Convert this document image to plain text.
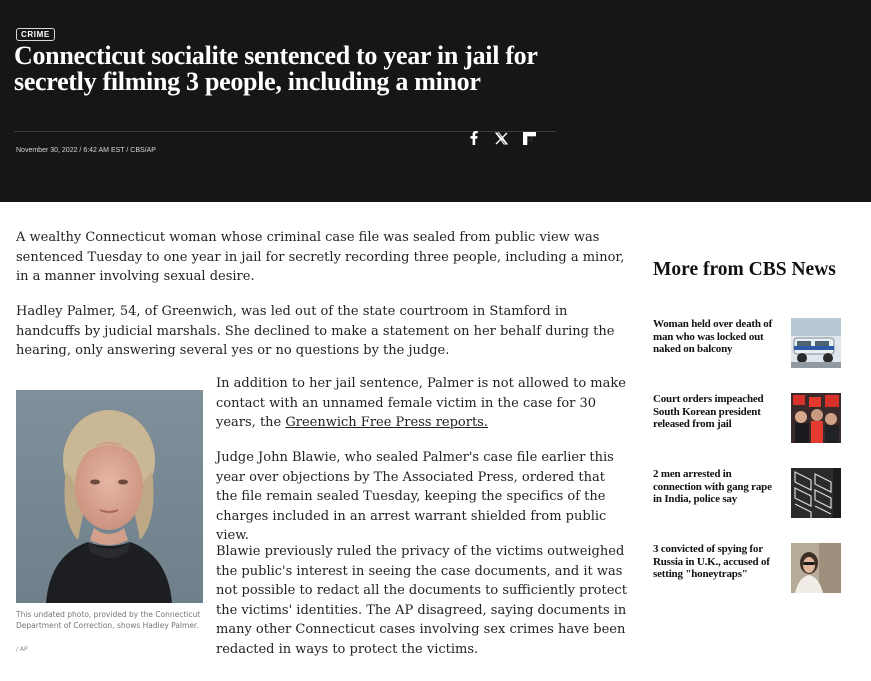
CRIME
Connecticut socialite sentenced to year in jail for secretly filming 3 people, including a minor
November 30, 2022 / 6:42 AM EST / CBS/AP

A wealthy Connecticut woman whose criminal case file was sealed from public view was sentenced Tuesday to one year in jail for secretly recording three people, including a minor, in a manner involving sexual desire.

Hadley Palmer, 54, of Greenwich, was led out of the state courtroom in Stamford in handcuffs by judicial marshals. She declined to make a statement on her behalf during the hearing, only answering several yes or no questions by the judge.

This undated photo, provided by the Connecticut Department of Correction, shows Hadley Palmer.
/ AP

In addition to her jail sentence, Palmer is not allowed to make contact with an unnamed female victim in the case for 30 years, the Greenwich Free Press reports.

Judge John Blawie, who sealed Palmer's case file earlier this year over objections by The Associated Press, ordered that the file remain sealed Tuesday, keeping the specifics of the charges included in an arrest warrant shielded from public view.

Blawie previously ruled the privacy of the victims outweighed the public's interest in seeing the case documents, and it was not possible to redact all the documents to sufficiently protect the victims' identities. The AP disagreed, saying documents in many other Connecticut cases involving sex crimes have been redacted in ways to protect the victims.

More from CBS News
Woman held over death of man who was locked out naked on balcony
Court orders impeached South Korean president released from jail
2 men arrested in connection with gang rape in India, police say
3 convicted of spying for Russia in U.K., accused of setting "honeytraps"
